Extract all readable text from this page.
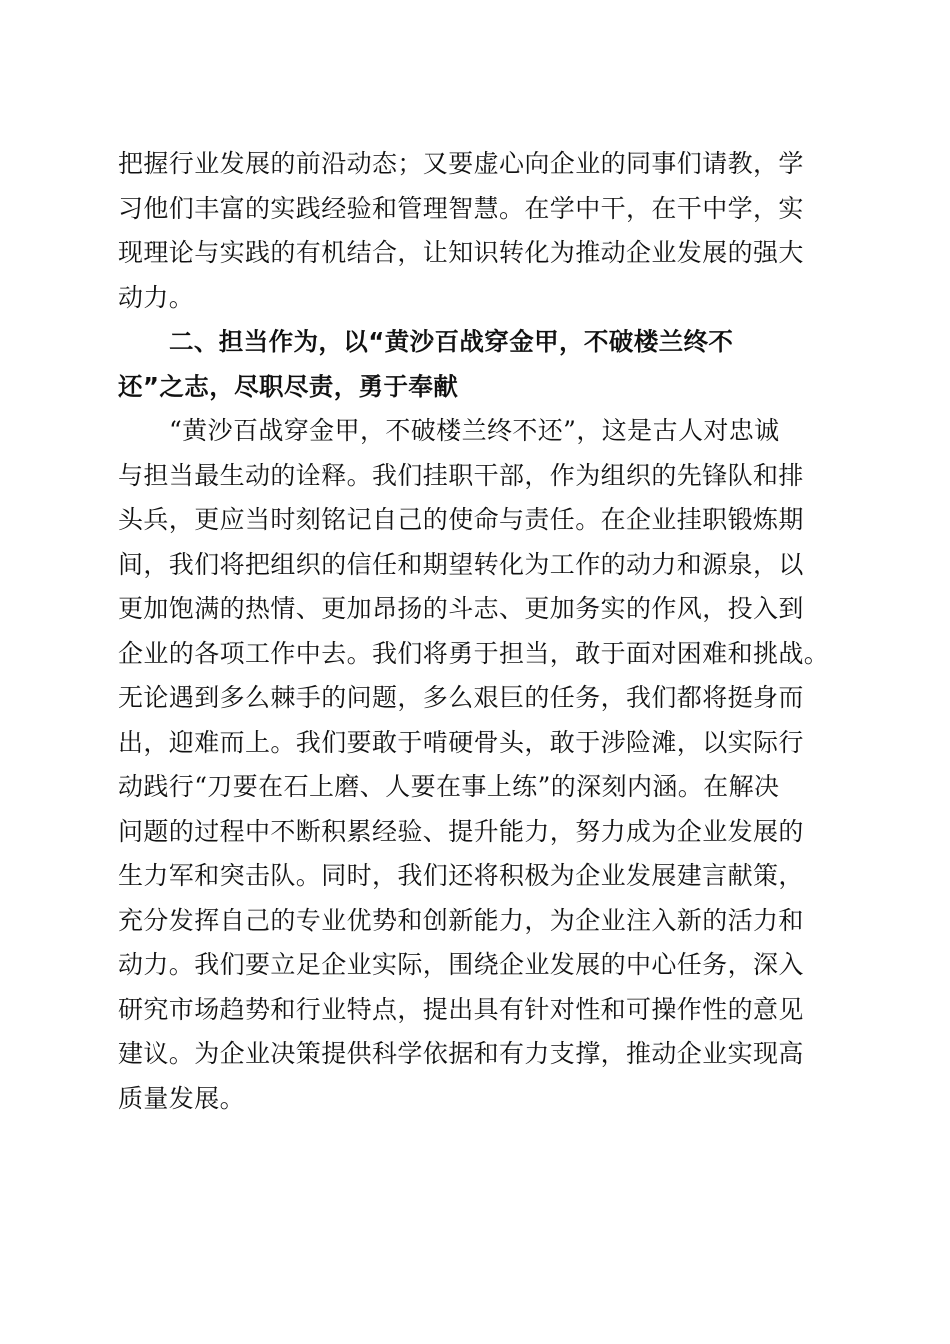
把握行业发展的前沿动态；又要虚心向企业的同事们请教，学
习他们丰富的实践经验和管理智慧。在学中干，在干中学，实
现理论与实践的有机结合，让知识转化为推动企业发展的强大
动力。
二、担当作为，以“黄沙百战穿金甲，不破楼兰终不
还”之志，尽职尽责，勇于奉献
“黄沙百战穿金甲，不破楼兰终不还”，这是古人对忠诚
与担当最生动的诠释。我们挂职干部，作为组织的先锋队和排
头兵，更应当时刻铭记自己的使命与责任。在企业挂职锻炼期
间，我们将把组织的信任和期望转化为工作的动力和源泉，以
更加饱满的热情、更加昂扬的斗志、更加务实的作风，投入到
企业的各项工作中去。我们将勇于担当，敢于面对困难和挑战。
无论遇到多么棘手的问题，多么艰巨的任务，我们都将挺身而
出，迎难而上。我们要敢于啃硬骨头，敢于涉险滩，以实际行
动践行“刀要在石上磨、人要在事上练”的深刻内涵。在解决
问题的过程中不断积累经验、提升能力，努力成为企业发展的
生力军和突击队。同时，我们还将积极为企业发展建言献策，
充分发挥自己的专业优势和创新能力，为企业注入新的活力和
动力。我们要立足企业实际，围绕企业发展的中心任务，深入
研究市场趋势和行业特点，提出具有针对性和可操作性的意见
建议。为企业决策提供科学依据和有力支撑，推动企业实现高
质量发展。
